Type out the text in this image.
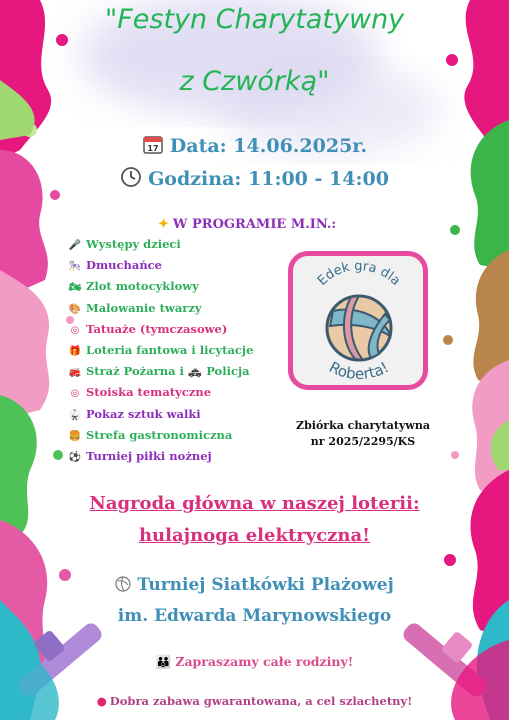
"Festyn Charytatywny
z Czwórką"
17 Data: 14.06.2025r.
Godzina: 11:00 - 14:00
✦ W PROGRAMIE M.IN.:
🎤 Występy dzieci
🎠 Dmuchańce
🏍 Zlot motocyklowy
🎨 Malowanie twarzy
◎ Tatuaże (tymczasowe)
🎁 Loteria fantowa i licytacje
🚒 Straż Pożarna i 🚓 Policja
◎ Stoiska tematyczne
🥋 Pokaz sztuk walki
🍔 Strefa gastronomiczna
⚽ Turniej piłki nożnej
Edek gra dla
Roberta!
Zbiórka charytatywna
nr 2025/2295/KS
Nagroda główna w naszej loterii:
hulajnoga elektryczna!
Turniej Siatkówki Plażowej
im. Edwarda Marynowskiego
👪 Zapraszamy całe rodziny!
● Dobra zabawa gwarantowana, a cel szlachetny!
